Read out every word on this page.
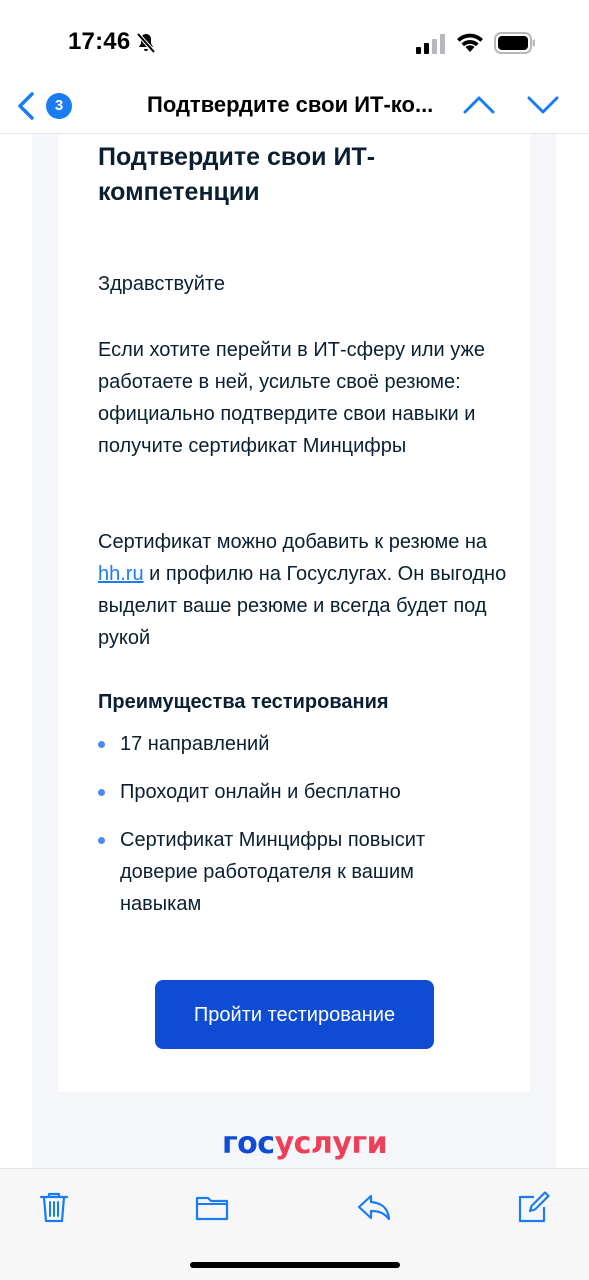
17:46
3	Подтвердите свои ИТ-ко...
Подтвердите свои ИТ-компетенции

Здравствуйте

Если хотите перейти в ИТ-сферу или уже работаете в ней, усильте своё резюме: официально подтвердите свои навыки и получите сертификат Минцифры

Сертификат можно добавить к резюме на hh.ru и профилю на Госуслугах. Он выгодно выделит ваше резюме и всегда будет под рукой

Преимущества тестирования
17 направлений
Проходит онлайн и бесплатно
Сертификат Минцифры повысит доверие работодателя к вашим навыкам
Пройти тестирование
госуслуги
